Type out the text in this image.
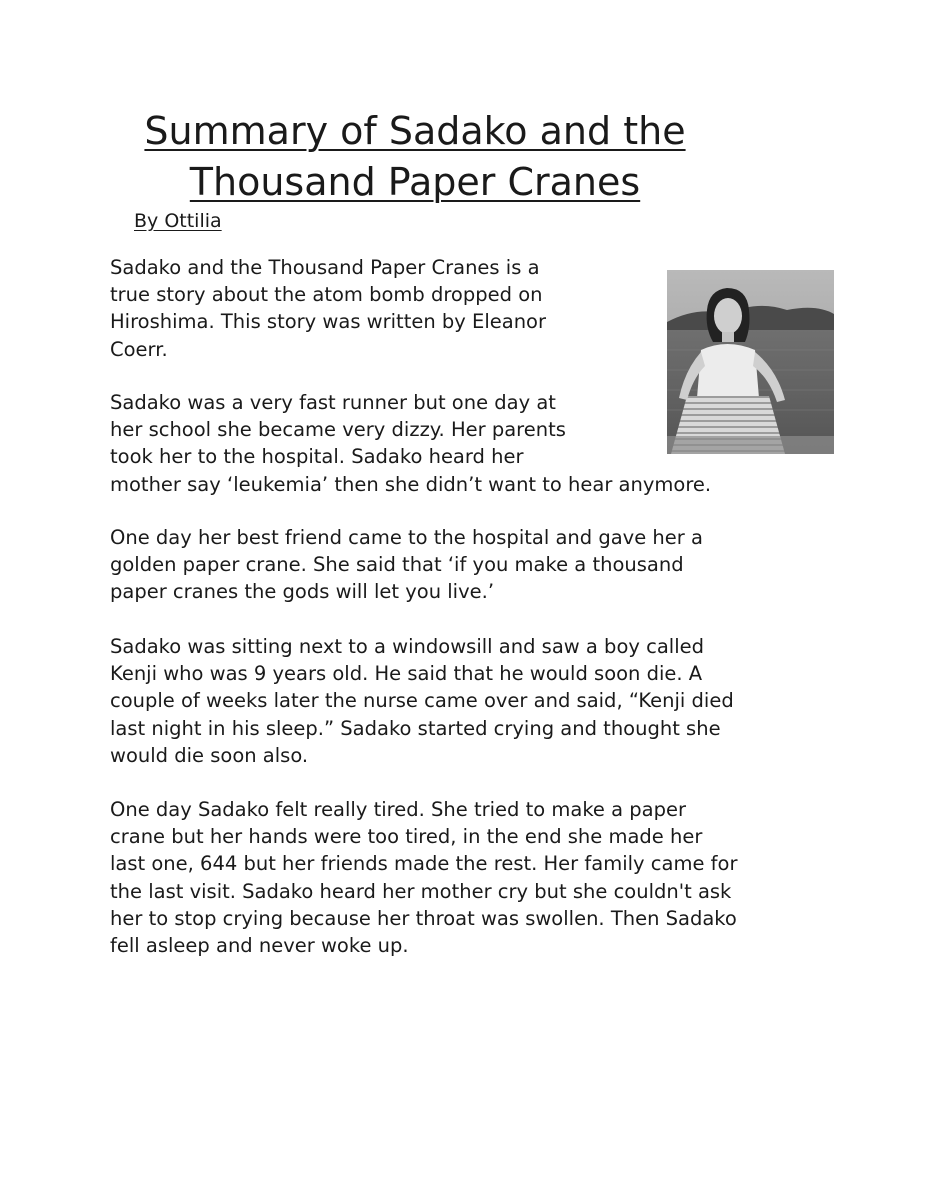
Summary of Sadako and the
Thousand Paper Cranes
By Ottilia
Sadako and the Thousand Paper Cranes is a
true story about the atom bomb dropped on
Hiroshima. This story was written by Eleanor
Coerr.
Sadako was a very fast runner but one day at
her school she became very dizzy. Her parents
took her to the hospital. Sadako heard her
mother say ‘leukemia’ then she didn’t want to hear anymore.
One day her best friend came to the hospital and gave her a
golden paper crane. She said that ‘if you make a thousand
paper cranes the gods will let you live.’
Sadako was sitting next to a windowsill and saw a boy called
Kenji who was 9 years old. He said that he would soon die. A
couple of weeks later the nurse came over and said, “Kenji died
last night in his sleep.” Sadako started crying and thought she
would die soon also.
One day Sadako felt really tired. She tried to make a paper
crane but her hands were too tired, in the end she made her
last one, 644 but her friends made the rest. Her family came for
the last visit. Sadako heard her mother cry but she couldn't ask
her to stop crying because her throat was swollen. Then Sadako
fell asleep and never woke up.
